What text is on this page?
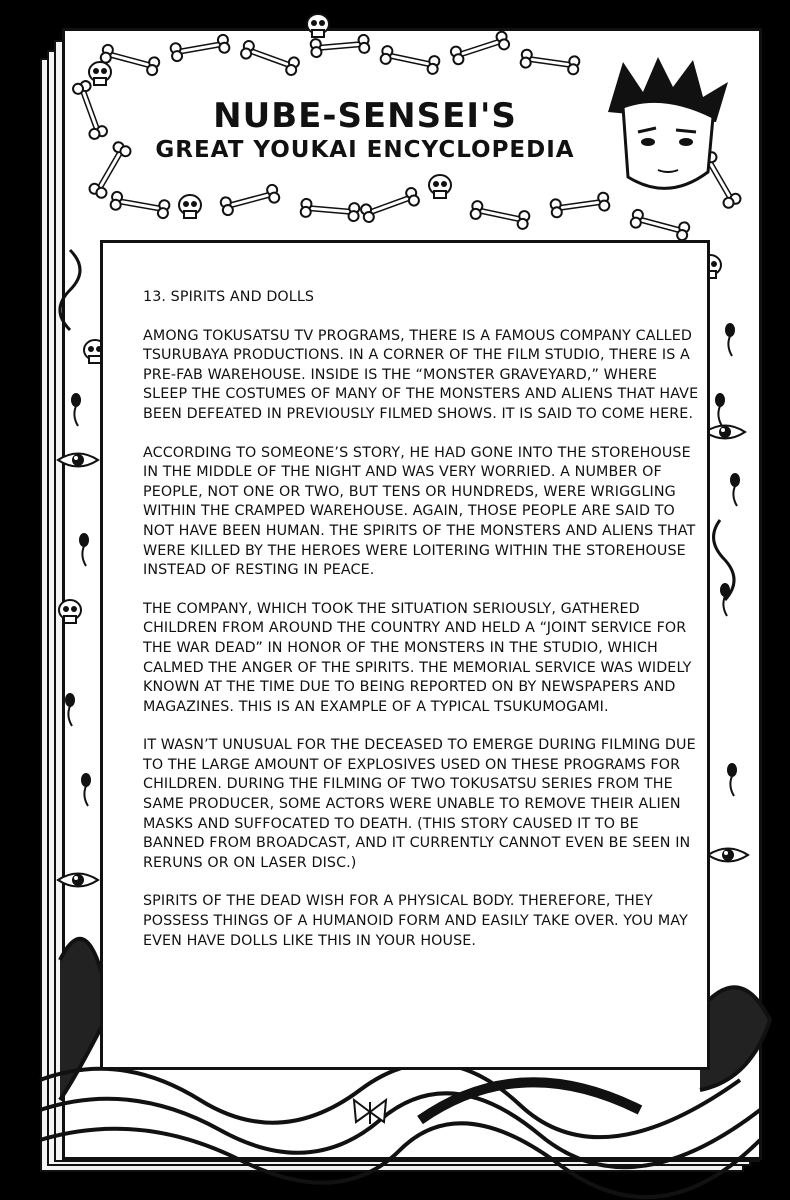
NUBE-SENSEI'S
GREAT YOUKAI ENCYCLOPEDIA

13. SPIRITS AND DOLLS

AMONG TOKUSATSU TV PROGRAMS, THERE IS A FAMOUS COMPANY CALLED TSURUBAYA PRODUCTIONS. IN A CORNER OF THE FILM STUDIO, THERE IS A PRE-FAB WAREHOUSE. INSIDE IS THE “MONSTER GRAVEYARD,” WHERE SLEEP THE COSTUMES OF MANY OF THE MONSTERS AND ALIENS THAT HAVE BEEN DEFEATED IN PREVIOUSLY FILMED SHOWS. IT IS SAID TO COME HERE.

ACCORDING TO SOMEONE’S STORY, HE HAD GONE INTO THE STOREHOUSE IN THE MIDDLE OF THE NIGHT AND WAS VERY WORRIED. A NUMBER OF PEOPLE, NOT ONE OR TWO, BUT TENS OR HUNDREDS, WERE WRIGGLING WITHIN THE CRAMPED WAREHOUSE. AGAIN, THOSE PEOPLE ARE SAID TO NOT HAVE BEEN HUMAN. THE SPIRITS OF THE MONSTERS AND ALIENS THAT WERE KILLED BY THE HEROES WERE LOITERING WITHIN THE STOREHOUSE INSTEAD OF RESTING IN PEACE.

THE COMPANY, WHICH TOOK THE SITUATION SERIOUSLY, GATHERED CHILDREN FROM AROUND THE COUNTRY AND HELD A “JOINT SERVICE FOR THE WAR DEAD” IN HONOR OF THE MONSTERS IN THE STUDIO, WHICH CALMED THE ANGER OF THE SPIRITS. THE MEMORIAL SERVICE WAS WIDELY KNOWN AT THE TIME DUE TO BEING REPORTED ON BY NEWSPAPERS AND MAGAZINES. THIS IS AN EXAMPLE OF A TYPICAL TSUKUMOGAMI.

IT WASN’T UNUSUAL FOR THE DECEASED TO EMERGE DURING FILMING DUE TO THE LARGE AMOUNT OF EXPLOSIVES USED ON THESE PROGRAMS FOR CHILDREN. DURING THE FILMING OF TWO TOKUSATSU SERIES FROM THE SAME PRODUCER, SOME ACTORS WERE UNABLE TO REMOVE THEIR ALIEN MASKS AND SUFFOCATED TO DEATH. (THIS STORY CAUSED IT TO BE BANNED FROM BROADCAST, AND IT CURRENTLY CANNOT EVEN BE SEEN IN RERUNS OR ON LASER DISC.)

SPIRITS OF THE DEAD WISH FOR A PHYSICAL BODY. THEREFORE, THEY POSSESS THINGS OF A HUMANOID FORM AND EASILY TAKE OVER. YOU MAY EVEN HAVE DOLLS LIKE THIS IN YOUR HOUSE.
